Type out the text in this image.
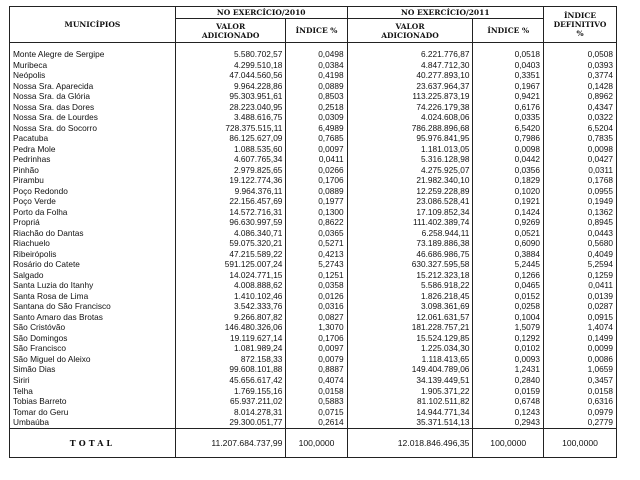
MUNICÍPIOS	NO EXERCÍCIO/2010		NO EXERCÍCIO/2011		ÍNDICE DEFINITIVO %
	VALOR ADICIONADO	ÍNDICE %	VALOR ADICIONADO	ÍNDICE %	
Monte Alegre de Sergipe	5.580.702,57	0,0498	6.221.776,87	0,0518	0,0508
Muribeca	4.299.510,18	0,0384	4.847.712,30	0,0403	0,0393
Neópolis	47.044.560,56	0,4198	40.277.893,10	0,3351	0,3774
Nossa Sra. Aparecida	9.964.228,86	0,0889	23.637.964,37	0,1967	0,1428
Nossa Sra. da Glória	95.303.951,61	0,8503	113.225.873,19	0,9421	0,8962
Nossa Sra. das Dores	28.223.040,95	0,2518	74.226.179,38	0,6176	0,4347
Nossa Sra. de Lourdes	3.488.616,75	0,0309	4.024.608,06	0,0335	0,0322
Nossa Sra. do Socorro	728.375.515,11	6,4989	786.288.896,68	6,5420	6,5204
Pacatuba	86.125.627,09	0,7685	95.976.841,95	0,7986	0,7835
Pedra Mole	1.088.535,60	0,0097	1.181.013,05	0,0098	0,0098
Pedrinhas	4.607.765,34	0,0411	5.316.128,98	0,0442	0,0427
Pinhão	2.979.825,65	0,0266	4.275.925,07	0,0356	0,0311
Pirambu	19.122.774,36	0,1706	21.982.340,10	0,1829	0,1768
Poço Redondo	9.964.376,11	0,0889	12.259.228,89	0,1020	0,0955
Poço Verde	22.156.457,69	0,1977	23.086.528,41	0,1921	0,1949
Porto da Folha	14.572.716,31	0,1300	17.109.852,34	0,1424	0,1362
Propriá	96.630.997,59	0,8622	111.402.389,74	0,9269	0,8945
Riachão do Dantas	4.086.340,71	0,0365	6.258.944,11	0,0521	0,0443
Riachuelo	59.075.320,21	0,5271	73.189.886,38	0,6090	0,5680
Ribeirópolis	47.215.589,22	0,4213	46.686.986,75	0,3884	0,4049
Rosário do Catete	591.125.007,24	5,2743	630.327.595,58	5,2445	5,2594
Salgado	14.024.771,15	0,1251	15.212.323,18	0,1266	0,1259
Santa Luzia do Itanhy	4.008.888,62	0,0358	5.586.918,22	0,0465	0,0411
Santa Rosa de Lima	1.410.102,46	0,0126	1.826.218,45	0,0152	0,0139
Santana do São Francisco	3.542.333,76	0,0316	3.098.361,69	0,0258	0,0287
Santo Amaro das Brotas	9.266.807,82	0,0827	12.061.631,57	0,1004	0,0915
São Cristóvão	146.480.326,06	1,3070	181.228.757,21	1,5079	1,4074
São Domingos	19.119.627,14	0,1706	15.524.129,85	0,1292	0,1499
São Francisco	1.081.989,24	0,0097	1.225.034,30	0,0102	0,0099
São Miguel do Aleixo	872.158,33	0,0079	1.118.413,65	0,0093	0,0086
Simão Dias	99.608.101,88	0,8887	149.404.789,06	1,2431	1,0659
Siriri	45.656.617,42	0,4074	34.139.449,51	0,2840	0,3457
Telha	1.769.155,16	0,0158	1.905.371,22	0,0159	0,0158
Tobias Barreto	65.937.211,02	0,5883	81.102.511,82	0,6748	0,6316
Tomar do Geru	8.014.278,31	0,0715	14.944.771,34	0,1243	0,0979
Umbaúba	29.300.051,77	0,2614	35.371.514,13	0,2943	0,2779
TOTAL	11.207.684.737,99	100,0000	12.018.846.496,35	100,0000	100,0000
